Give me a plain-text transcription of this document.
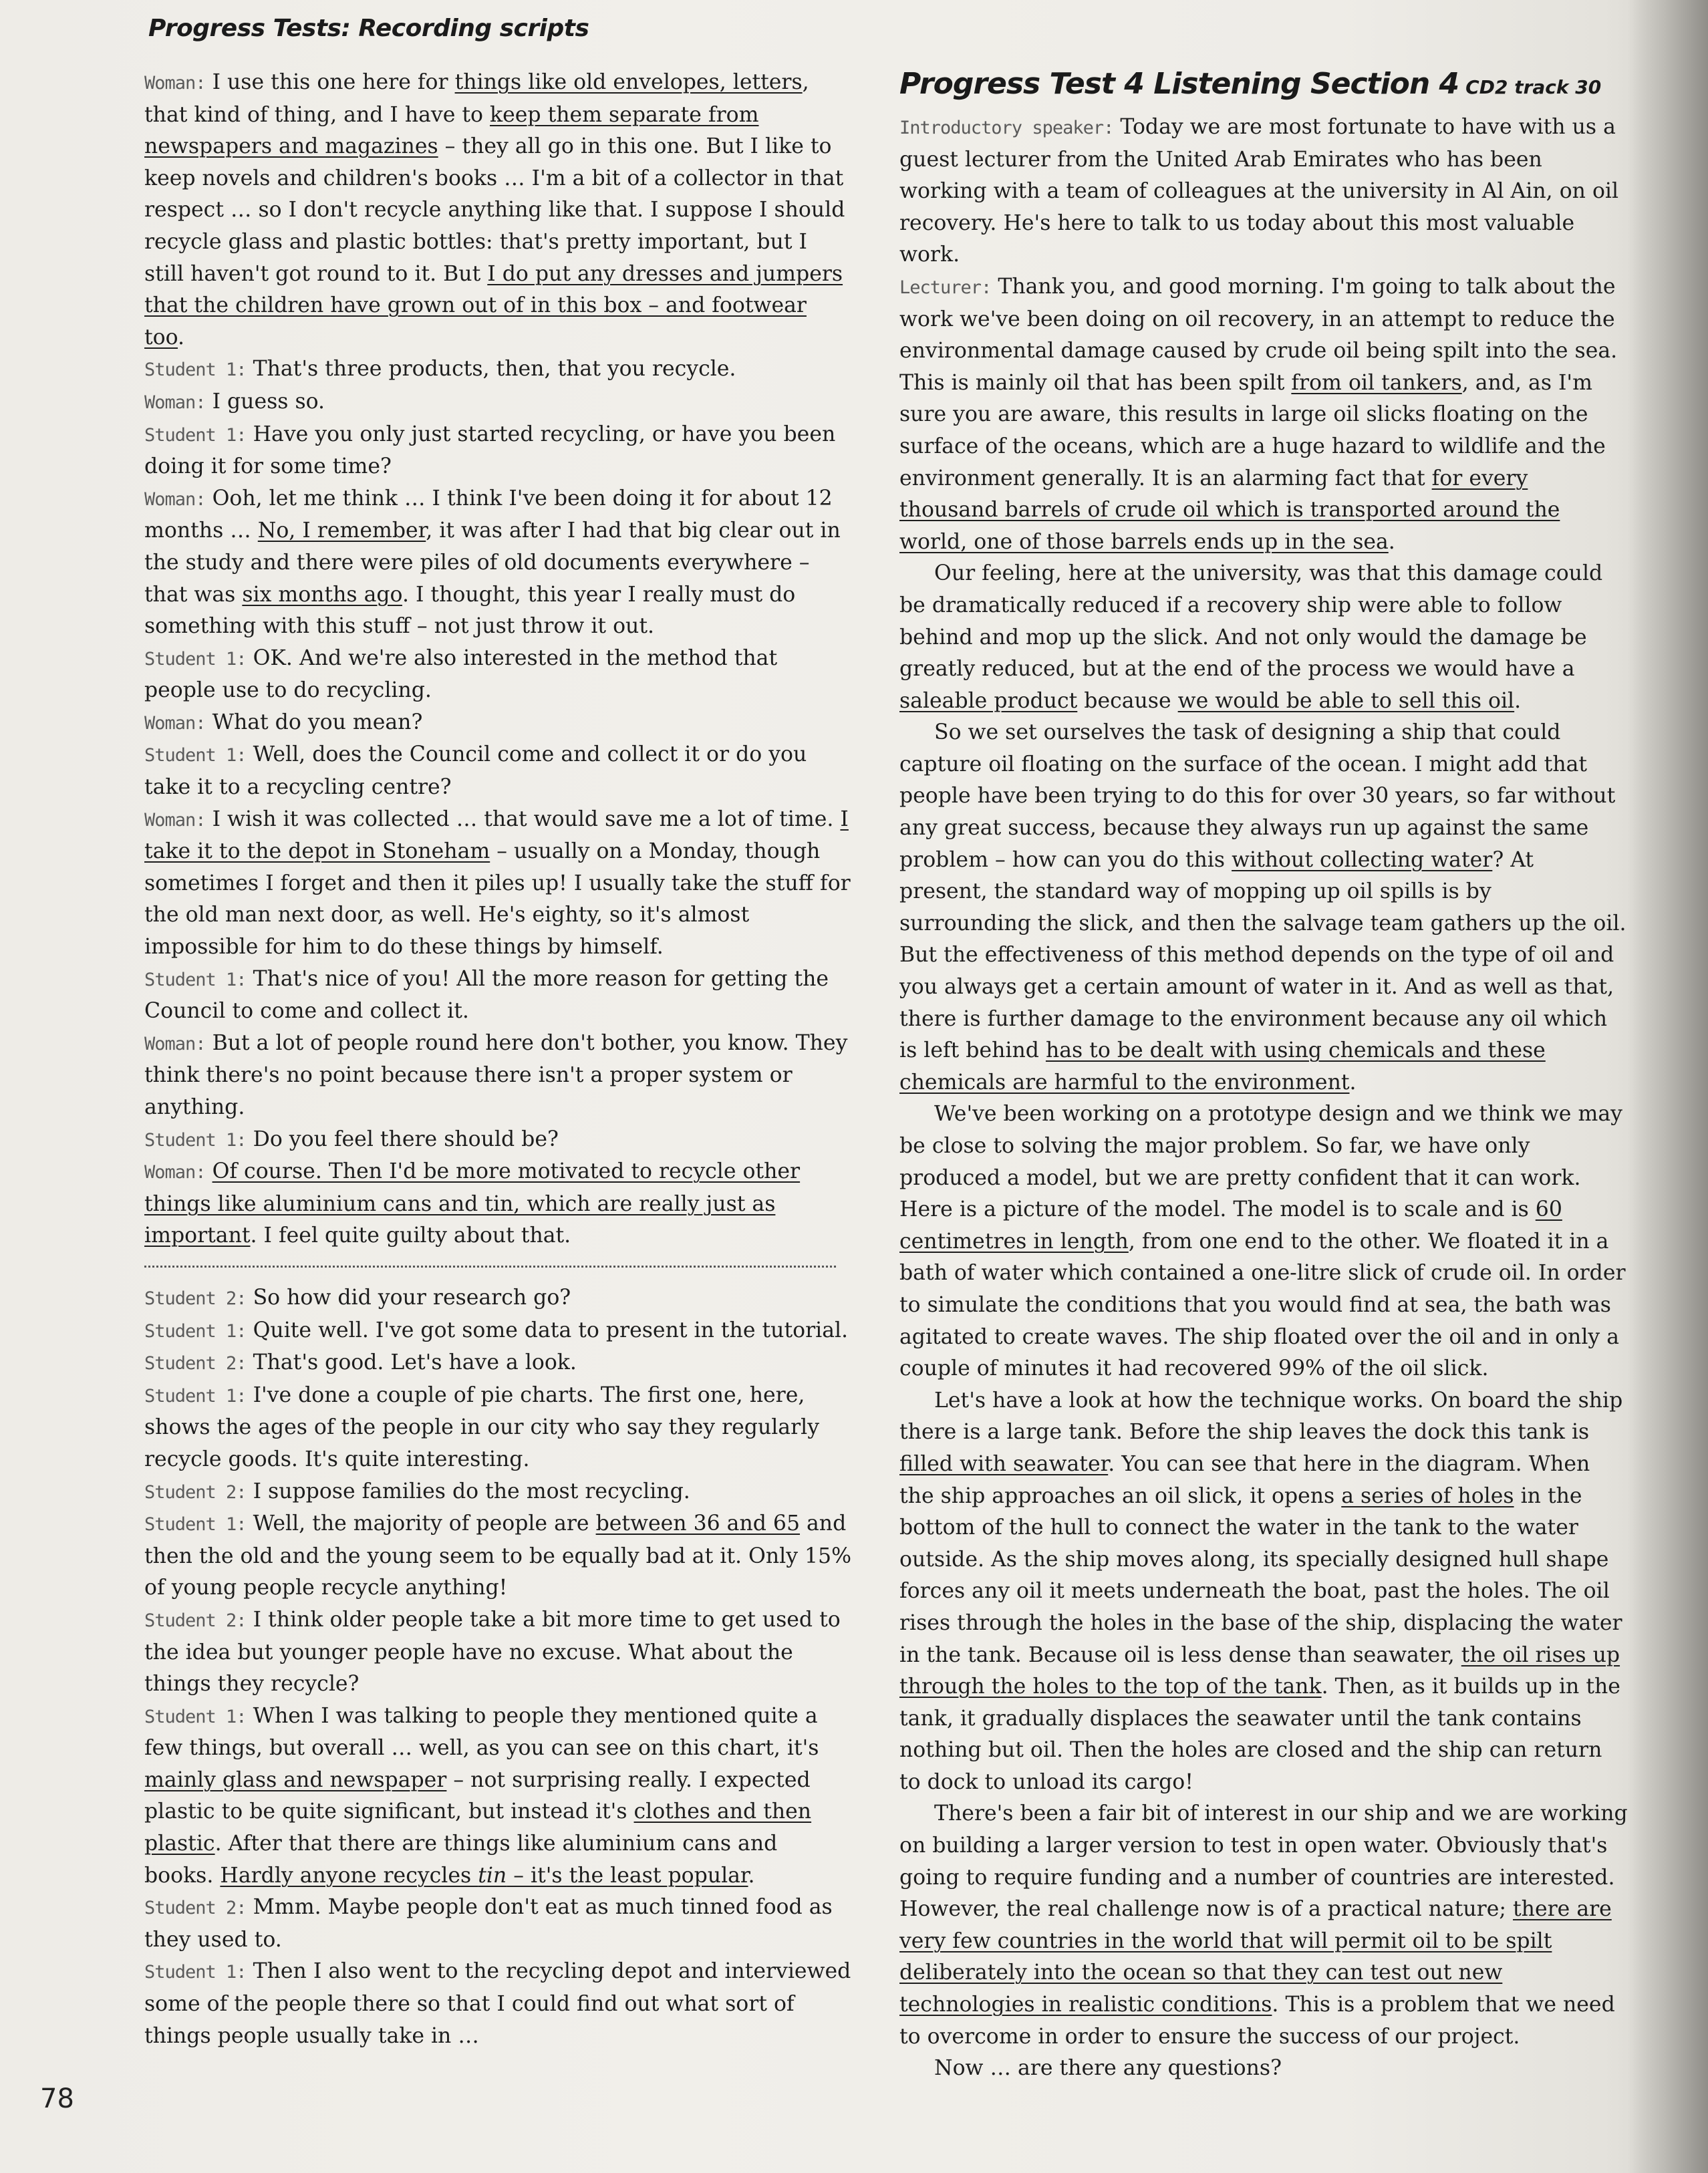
Progress Tests: Recording scripts

Woman: I use this one here for things like old envelopes, letters, that kind of thing, and I have to keep them separate from newspapers and magazines – they all go in this one. But I like to keep novels and children's books … I'm a bit of a collector in that respect … so I don't recycle anything like that. I suppose I should recycle glass and plastic bottles: that's pretty important, but I still haven't got round to it. But I do put any dresses and jumpers that the children have grown out of in this box – and footwear too.

Student 1: That's three products, then, that you recycle.

Woman: I guess so.

Student 1: Have you only just started recycling, or have you been doing it for some time?

Woman: Ooh, let me think … I think I've been doing it for about 12 months … No, I remember, it was after I had that big clear out in the study and there were piles of old documents everywhere – that was six months ago. I thought, this year I really must do something with this stuff – not just throw it out.

Student 1: OK. And we're also interested in the method that people use to do recycling.

Woman: What do you mean?

Student 1: Well, does the Council come and collect it or do you take it to a recycling centre?

Woman: I wish it was collected … that would save me a lot of time. I take it to the depot in Stoneham – usually on a Monday, though sometimes I forget and then it piles up! I usually take the stuff for the old man next door, as well. He's eighty, so it's almost impossible for him to do these things by himself.

Student 1: That's nice of you! All the more reason for getting the Council to come and collect it.

Woman: But a lot of people round here don't bother, you know. They think there's no point because there isn't a proper system or anything.

Student 1: Do you feel there should be?

Woman: Of course. Then I'd be more motivated to recycle other things like aluminium cans and tin, which are really just as important. I feel quite guilty about that.

Student 2: So how did your research go?

Student 1: Quite well. I've got some data to present in the tutorial.

Student 2: That's good. Let's have a look.

Student 1: I've done a couple of pie charts. The first one, here, shows the ages of the people in our city who say they regularly recycle goods. It's quite interesting.

Student 2: I suppose families do the most recycling.

Student 1: Well, the majority of people are between 36 and 65 and then the old and the young seem to be equally bad at it. Only 15% of young people recycle anything!

Student 2: I think older people take a bit more time to get used to the idea but younger people have no excuse. What about the things they recycle?

Student 1: When I was talking to people they mentioned quite a few things, but overall … well, as you can see on this chart, it's mainly glass and newspaper – not surprising really. I expected plastic to be quite significant, but instead it's clothes and then plastic. After that there are things like aluminium cans and books. Hardly anyone recycles tin – it's the least popular.

Student 2: Mmm. Maybe people don't eat as much tinned food as they used to.

Student 1: Then I also went to the recycling depot and interviewed some of the people there so that I could find out what sort of things people usually take in …

Progress Test 4 Listening Section 4 CD2 track 30

Introductory speaker: Today we are most fortunate to have with us a guest lecturer from the United Arab Emirates who has been working with a team of colleagues at the university in Al Ain, on oil recovery. He's here to talk to us today about this most valuable work.

Lecturer: Thank you, and good morning. I'm going to talk about the work we've been doing on oil recovery, in an attempt to reduce the environmental damage caused by crude oil being spilt into the sea. This is mainly oil that has been spilt from oil tankers, and, as I'm sure you are aware, this results in large oil slicks floating on the surface of the oceans, which are a huge hazard to wildlife and the environment generally. It is an alarming fact that for every thousand barrels of crude oil which is transported around the world, one of those barrels ends up in the sea.

Our feeling, here at the university, was that this damage could be dramatically reduced if a recovery ship were able to follow behind and mop up the slick. And not only would the damage be greatly reduced, but at the end of the process we would have a saleable product because we would be able to sell this oil.

So we set ourselves the task of designing a ship that could capture oil floating on the surface of the ocean. I might add that people have been trying to do this for over 30 years, so far without any great success, because they always run up against the same problem – how can you do this without collecting water? At present, the standard way of mopping up oil spills is by surrounding the slick, and then the salvage team gathers up the oil. But the effectiveness of this method depends on the type of oil and you always get a certain amount of water in it. And as well as that, there is further damage to the environment because any oil which is left behind has to be dealt with using chemicals and these chemicals are harmful to the environment.

We've been working on a prototype design and we think we may be close to solving the major problem. So far, we have only produced a model, but we are pretty confident that it can work. Here is a picture of the model. The model is to scale and is 60 centimetres in length, from one end to the other. We floated it in a bath of water which contained a one-litre slick of crude oil. In order to simulate the conditions that you would find at sea, the bath was agitated to create waves. The ship floated over the oil and in only a couple of minutes it had recovered 99% of the oil slick.

Let's have a look at how the technique works. On board the ship there is a large tank. Before the ship leaves the dock this tank is filled with seawater. You can see that here in the diagram. When the ship approaches an oil slick, it opens a series of holes in the bottom of the hull to connect the water in the tank to the water outside. As the ship moves along, its specially designed hull shape forces any oil it meets underneath the boat, past the holes. The oil rises through the holes in the base of the ship, displacing the water in the tank. Because oil is less dense than seawater, the oil rises up through the holes to the top of the tank. Then, as it builds up in the tank, it gradually displaces the seawater until the tank contains nothing but oil. Then the holes are closed and the ship can return to dock to unload its cargo!

There's been a fair bit of interest in our ship and we are working on building a larger version to test in open water. Obviously that's going to require funding and a number of countries are interested. However, the real challenge now is of a practical nature; there are very few countries in the world that will permit oil to be spilt deliberately into the ocean so that they can test out new technologies in realistic conditions. This is a problem that we need to overcome in order to ensure the success of our project.

Now … are there any questions?

78
